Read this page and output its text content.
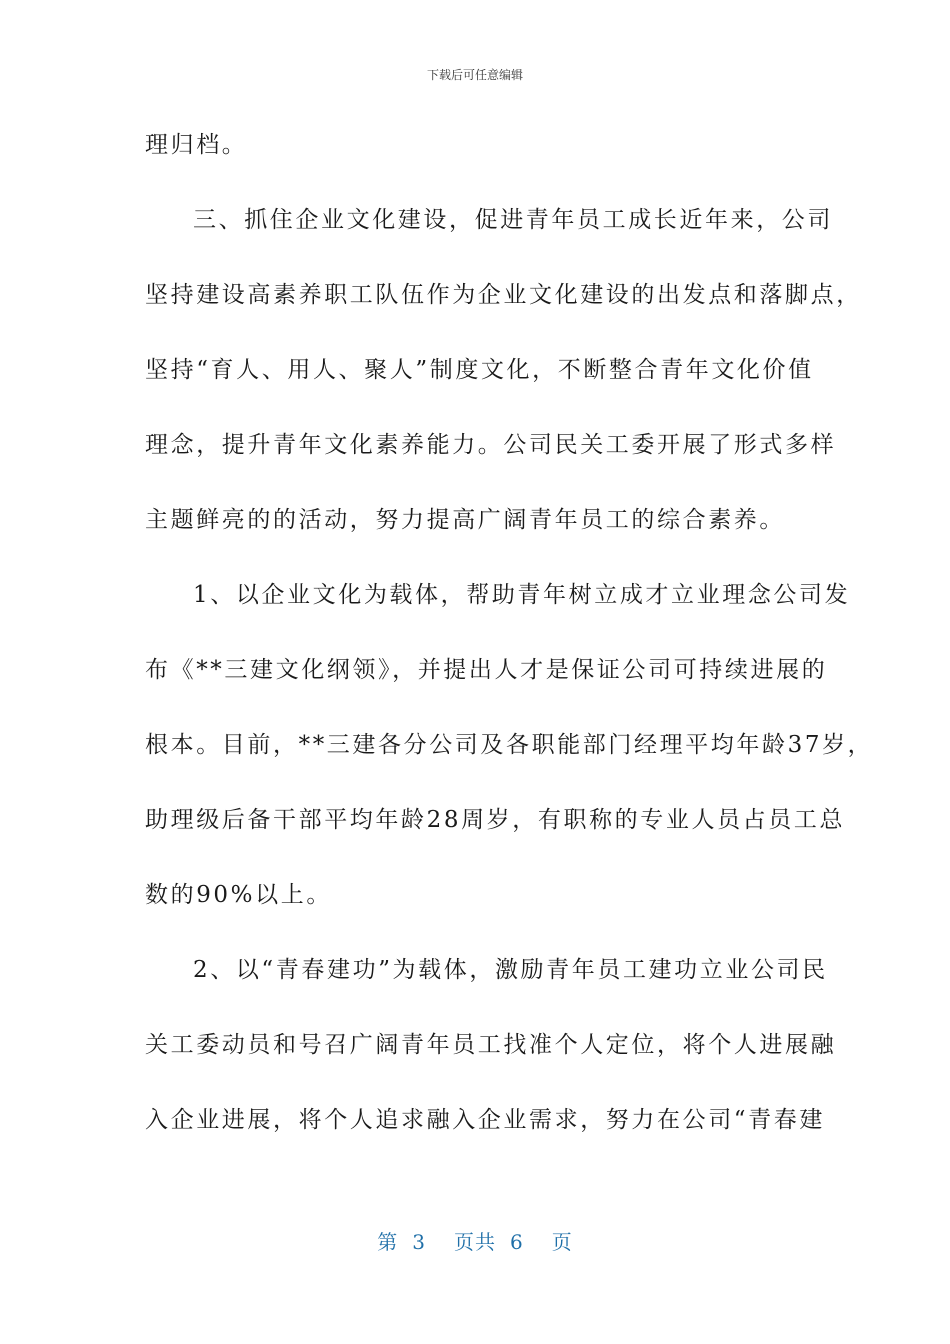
下载后可任意编辑
理归档。
三、抓住企业文化建设，促进青年员工成长近年来，公司
坚持建设高素养职工队伍作为企业文化建设的出发点和落脚点，
坚持“育人、用人、聚人”制度文化，不断整合青年文化价值
理念，提升青年文化素养能力。公司民关工委开展了形式多样
主题鲜亮的的活动，努力提高广阔青年员工的综合素养。
1、以企业文化为载体，帮助青年树立成才立业理念公司发
布《**三建文化纲领》，并提出人才是保证公司可持续进展的
根本。目前，**三建各分公司及各职能部门经理平均年龄37岁，
助理级后备干部平均年龄28周岁，有职称的专业人员占员工总
数的90%以上。
2、以“青春建功”为载体，激励青年员工建功立业公司民
关工委动员和号召广阔青年员工找准个人定位，将个人进展融
入企业进展，将个人追求融入企业需求，努力在公司“青春建
第 3 页共 6 页
